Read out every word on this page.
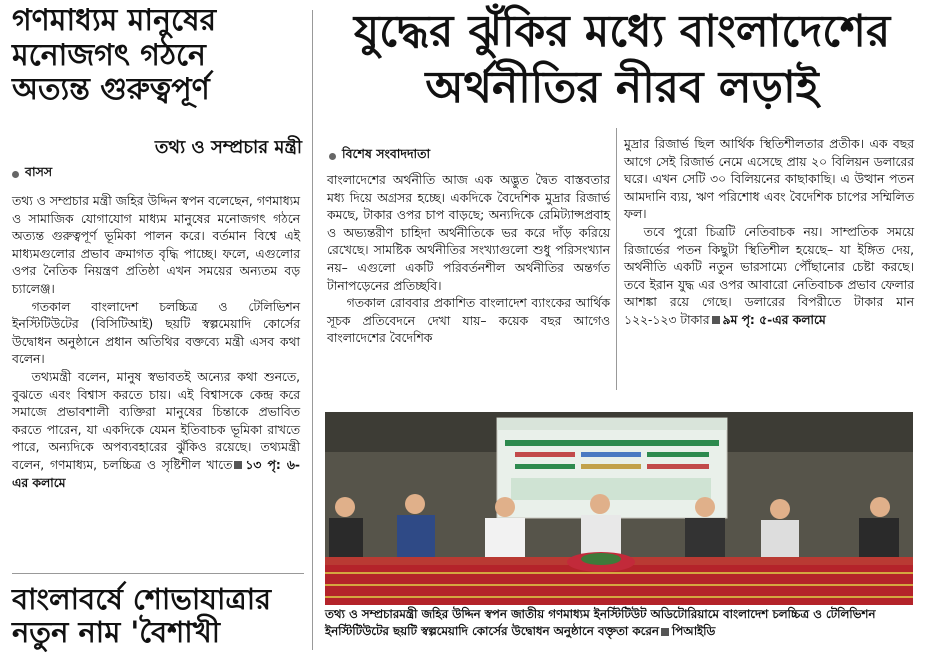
গণমাধ্যম মানুষের
মনোজগৎ গঠনে
অত্যন্ত গুরুত্বপূর্ণ
তথ্য ও সম্প্রচার মন্ত্রী
বাসস

তথ্য ও সম্প্রচার মন্ত্রী জহির উদ্দিন স্বপন বলেছেন, গণমাধ্যম ও সামাজিক যোগাযোগ মাধ্যম মানুষের মনোজগৎ গঠনে অত্যন্ত গুরুত্বপূর্ণ ভূমিকা পালন করে। বর্তমান বিশ্বে এই মাধ্যমগুলোর প্রভাব ক্রমাগত বৃদ্ধি পাচ্ছে। ফলে, এগুলোর ওপর নৈতিক নিয়ন্ত্রণ প্রতিষ্ঠা এখন সময়ের অন্যতম বড় চ্যালেঞ্জ।

গতকাল বাংলাদেশ চলচ্চিত্র ও টেলিভিশন ইনস্টিটিউটের (বিসিটিআই) ছয়টি স্বল্পমেয়াদি কোর্সের উদ্বোধন অনুষ্ঠানে প্রধান অতিথির বক্তব্যে মন্ত্রী এসব কথা বলেন।

তথ্যমন্ত্রী বলেন, মানুষ স্বভাবতই অন্যের কথা শুনতে, বুঝতে এবং বিশ্বাস করতে চায়। এই বিশ্বাসকে কেন্দ্র করে সমাজে প্রভাবশালী ব্যক্তিরা মানুষের চিন্তাকে প্রভাবিত করতে পারেন, যা একদিকে যেমন ইতিবাচক ভূমিকা রাখতে পারে, অন্যদিকে অপব্যবহারের ঝুঁকিও রয়েছে। তথ্যমন্ত্রী বলেন, গণমাধ্যম, চলচ্চিত্র ও সৃষ্টিশীল খাতে ১৩ পৃ: ৬-এর কলামে

বাংলাবর্ষে শোভাযাত্রার
নতুন নাম 'বৈশাখী
যুদ্ধের ঝুঁকির মধ্যে বাংলাদেশের
অর্থনীতির নীরব লড়াই
বিশেষ সংবাদদাতা

বাংলাদেশের অর্থনীতি আজ এক অদ্ভুত দ্বৈত বাস্তবতার মধ্য দিয়ে অগ্রসর হচ্ছে। একদিকে বৈদেশিক মুদ্রার রিজার্ভ কমছে, টাকার ওপর চাপ বাড়ছে; অন্যদিকে রেমিট্যান্সপ্রবাহ ও অভ্যন্তরীণ চাহিদা অর্থনীতিকে ভর করে দাঁড় করিয়ে রেখেছে। সামষ্টিক অর্থনীতির সংখ্যাগুলো শুধু পরিসংখ্যান নয়– এগুলো একটি পরিবর্তনশীল অর্থনীতির অন্তর্গত টানাপড়েনের প্রতিচ্ছবি।

গতকাল রোববার প্রকাশিত বাংলাদেশ ব্যাংকের আর্থিক সূচক প্রতিবেদনে দেখা যায়– কয়েক বছর আগেও বাংলাদেশের বৈদেশিক

মুদ্রার রিজার্ভ ছিল আর্থিক স্থিতিশীলতার প্রতীক। এক বছর আগে সেই রিজার্ভ নেমে এসেছে প্রায় ২০ বিলিয়ন ডলারের ঘরে। এখন সেটি ৩০ বিলিয়নের কাছাকাছি। এ উত্থান পতন আমদানি ব্যয়, ঋণ পরিশোধ এবং বৈদেশিক চাপের সম্মিলিত ফল।

তবে পুরো চিত্রটি নেতিবাচক নয়। সাম্প্রতিক সময়ে রিজার্ভের পতন কিছুটা স্থিতিশীল হয়েছে– যা ইঙ্গিত দেয়, অর্থনীতি একটি নতুন ভারসাম্যে পৌঁছানোর চেষ্টা করছে। তবে ইরান যুদ্ধ এর ওপর আবারো নেতিবাচক প্রভাব ফেলার আশঙ্কা রয়ে গেছে। ডলারের বিপরীতে টাকার মান ১২২-১২৩ টাকার ৯ম পৃ: ৫-এর কলামে

তথ্য ও সম্প্রচারমন্ত্রী জহির উদ্দিন স্বপন জাতীয় গণমাধ্যম ইনস্টিটিউট অডিটোরিয়ামে বাংলাদেশ চলচ্চিত্র ও টেলিভিশন ইনস্টিটিউটের ছয়টি স্বল্পমেয়াদি কোর্সের উদ্বোধন অনুষ্ঠানে বক্তৃতা করেন পিআইডি
